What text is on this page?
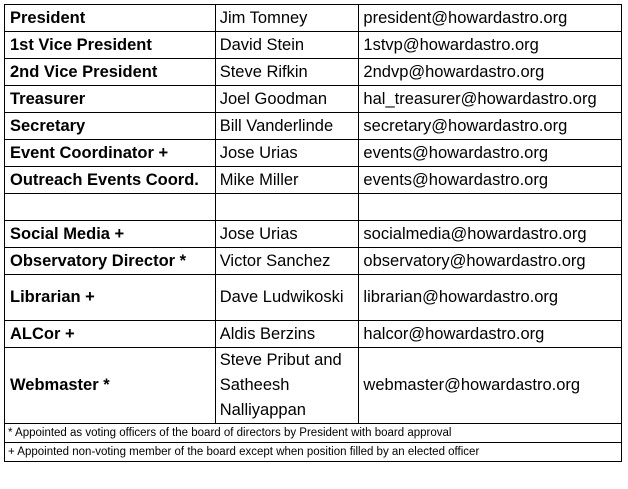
President	Jim Tomney	president@howardastro.org
1st Vice President	David Stein	1stvp@howardastro.org
2nd Vice President	Steve Rifkin	2ndvp@howardastro.org
Treasurer	Joel Goodman	hal_treasurer@howardastro.org
Secretary	Bill Vanderlinde	secretary@howardastro.org
Event Coordinator +	Jose Urias	events@howardastro.org
Outreach Events Coord.	Mike Miller	events@howardastro.org

Social Media +	Jose Urias	socialmedia@howardastro.org
Observatory Director *	Victor Sanchez	observatory@howardastro.org
Librarian +	Dave Ludwikoski	librarian@howardastro.org
ALCor +	Aldis Berzins	halcor@howardastro.org
Webmaster *	Steve Pribut and Satheesh Nalliyappan	webmaster@howardastro.org
* Appointed as voting officers of the board of directors by President with board approval		
+ Appointed non-voting member of the board except when position filled by an elected officer		
